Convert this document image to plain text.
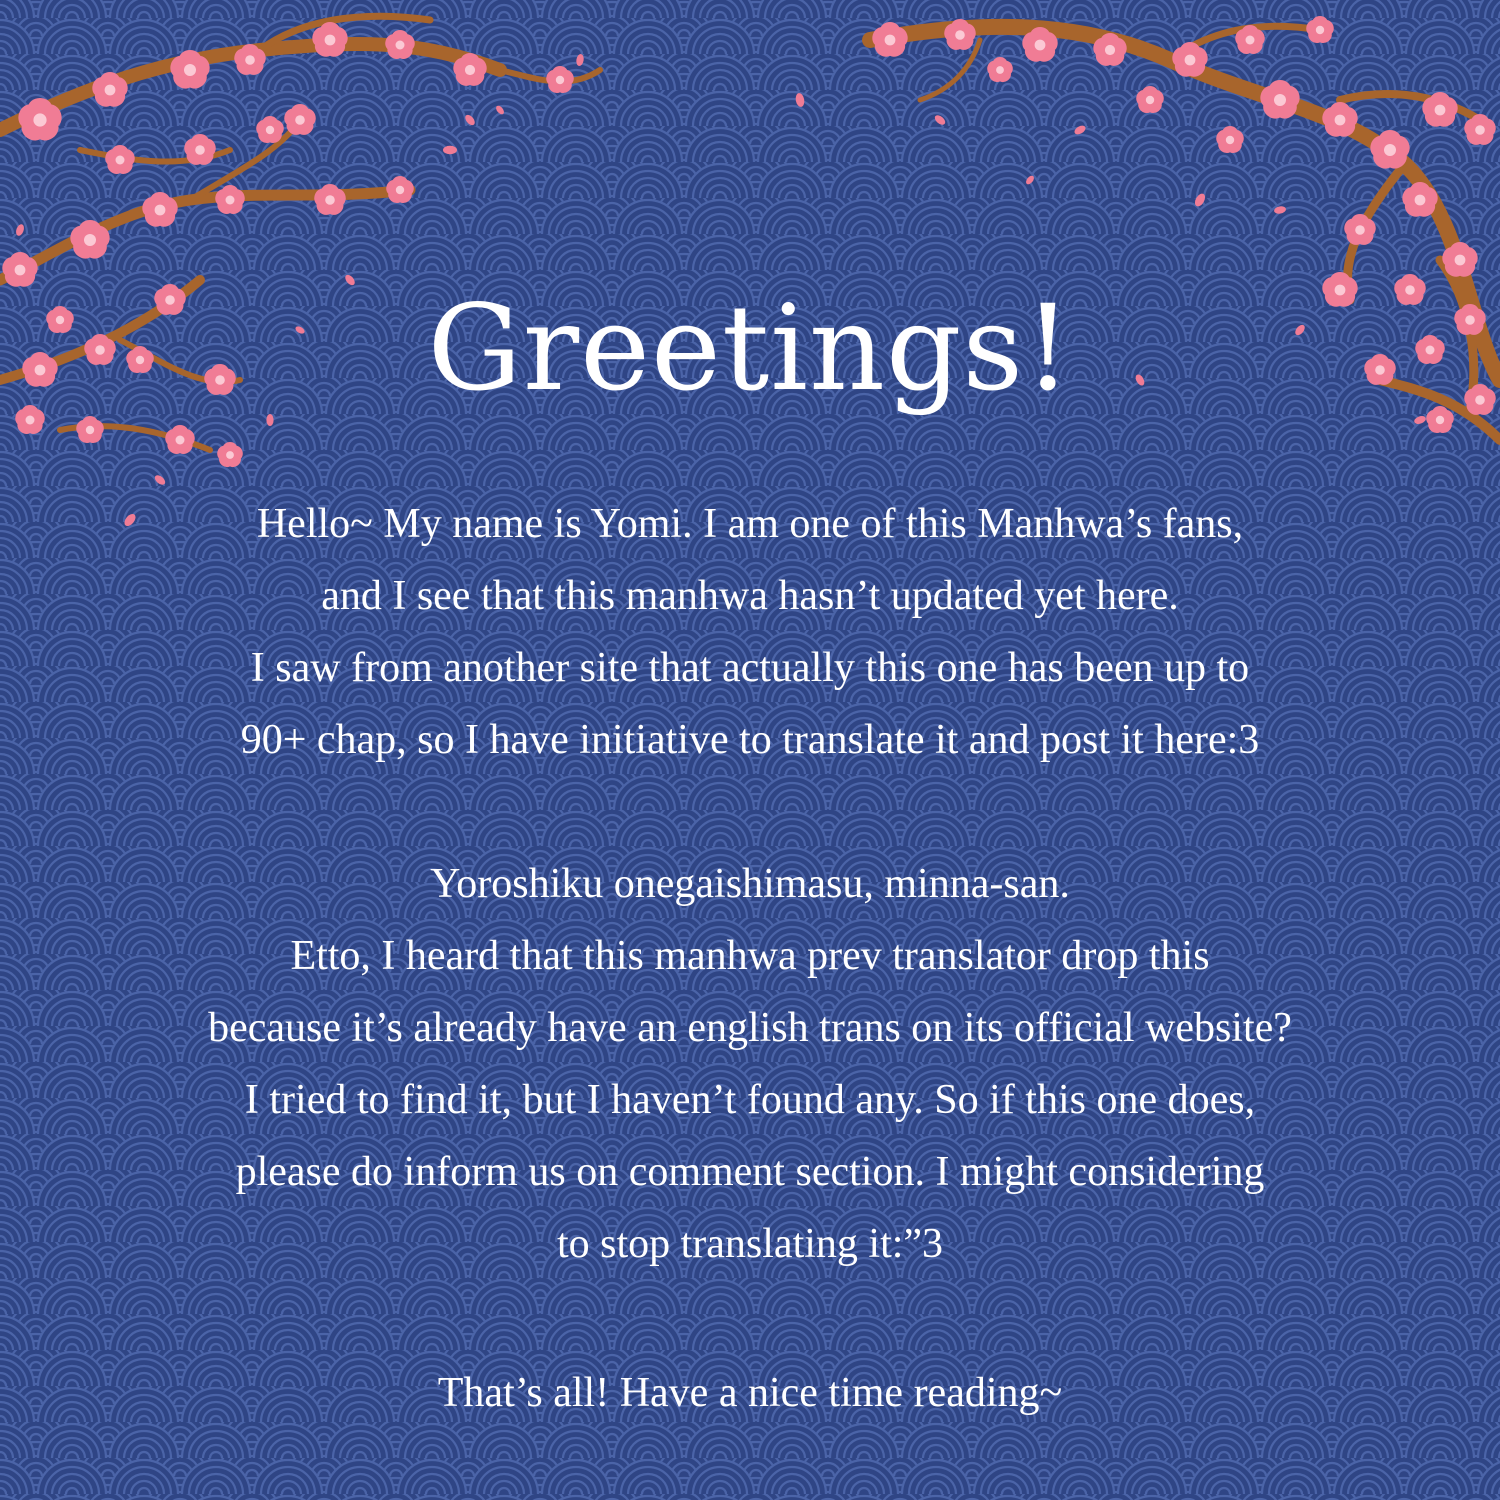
Greetings!
Hello~ My name is Yomi. I am one of this Manhwa’s fans,
and I see that this manhwa hasn’t updated yet here.
I saw from another site that actually this one has been up to
90+ chap, so I have initiative to translate it and post it here:3
Yoroshiku onegaishimasu, minna-san.
Etto, I heard that this manhwa prev translator drop this
because it’s already have an english trans on its official website?
I tried to find it, but I haven’t found any. So if this one does,
please do inform us on comment section. I might considering
to stop translating it:”3
That’s all! Have a nice time reading~
